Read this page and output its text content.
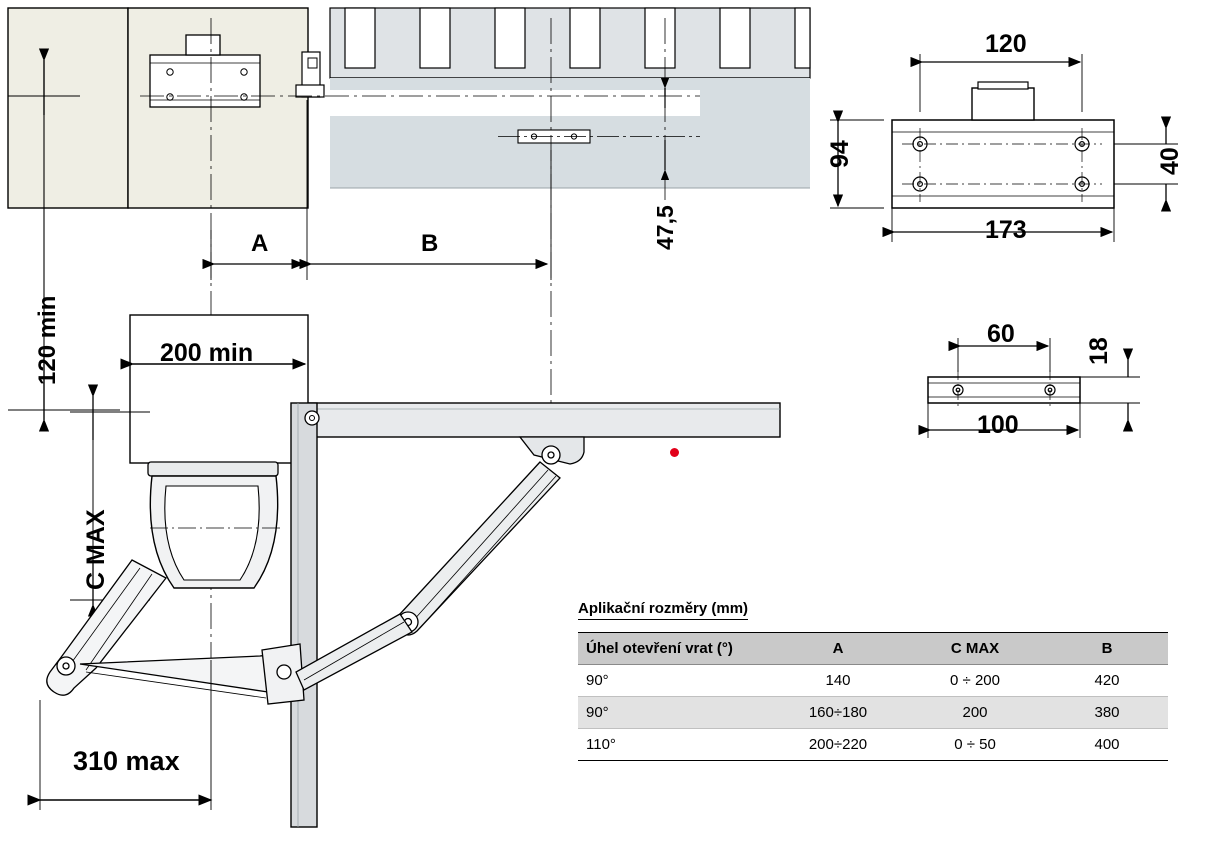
A	B	47,5
120 min	200 min
C MAX
310 max
120
94	40
173
60
18
100
Aplikační rozměry (mm)
Úhel otevření vrat (°)	A	C MAX	B
90°	140	0 ÷ 200	420
90°	160÷180	200	380
110°	200÷220	0 ÷ 50	400
